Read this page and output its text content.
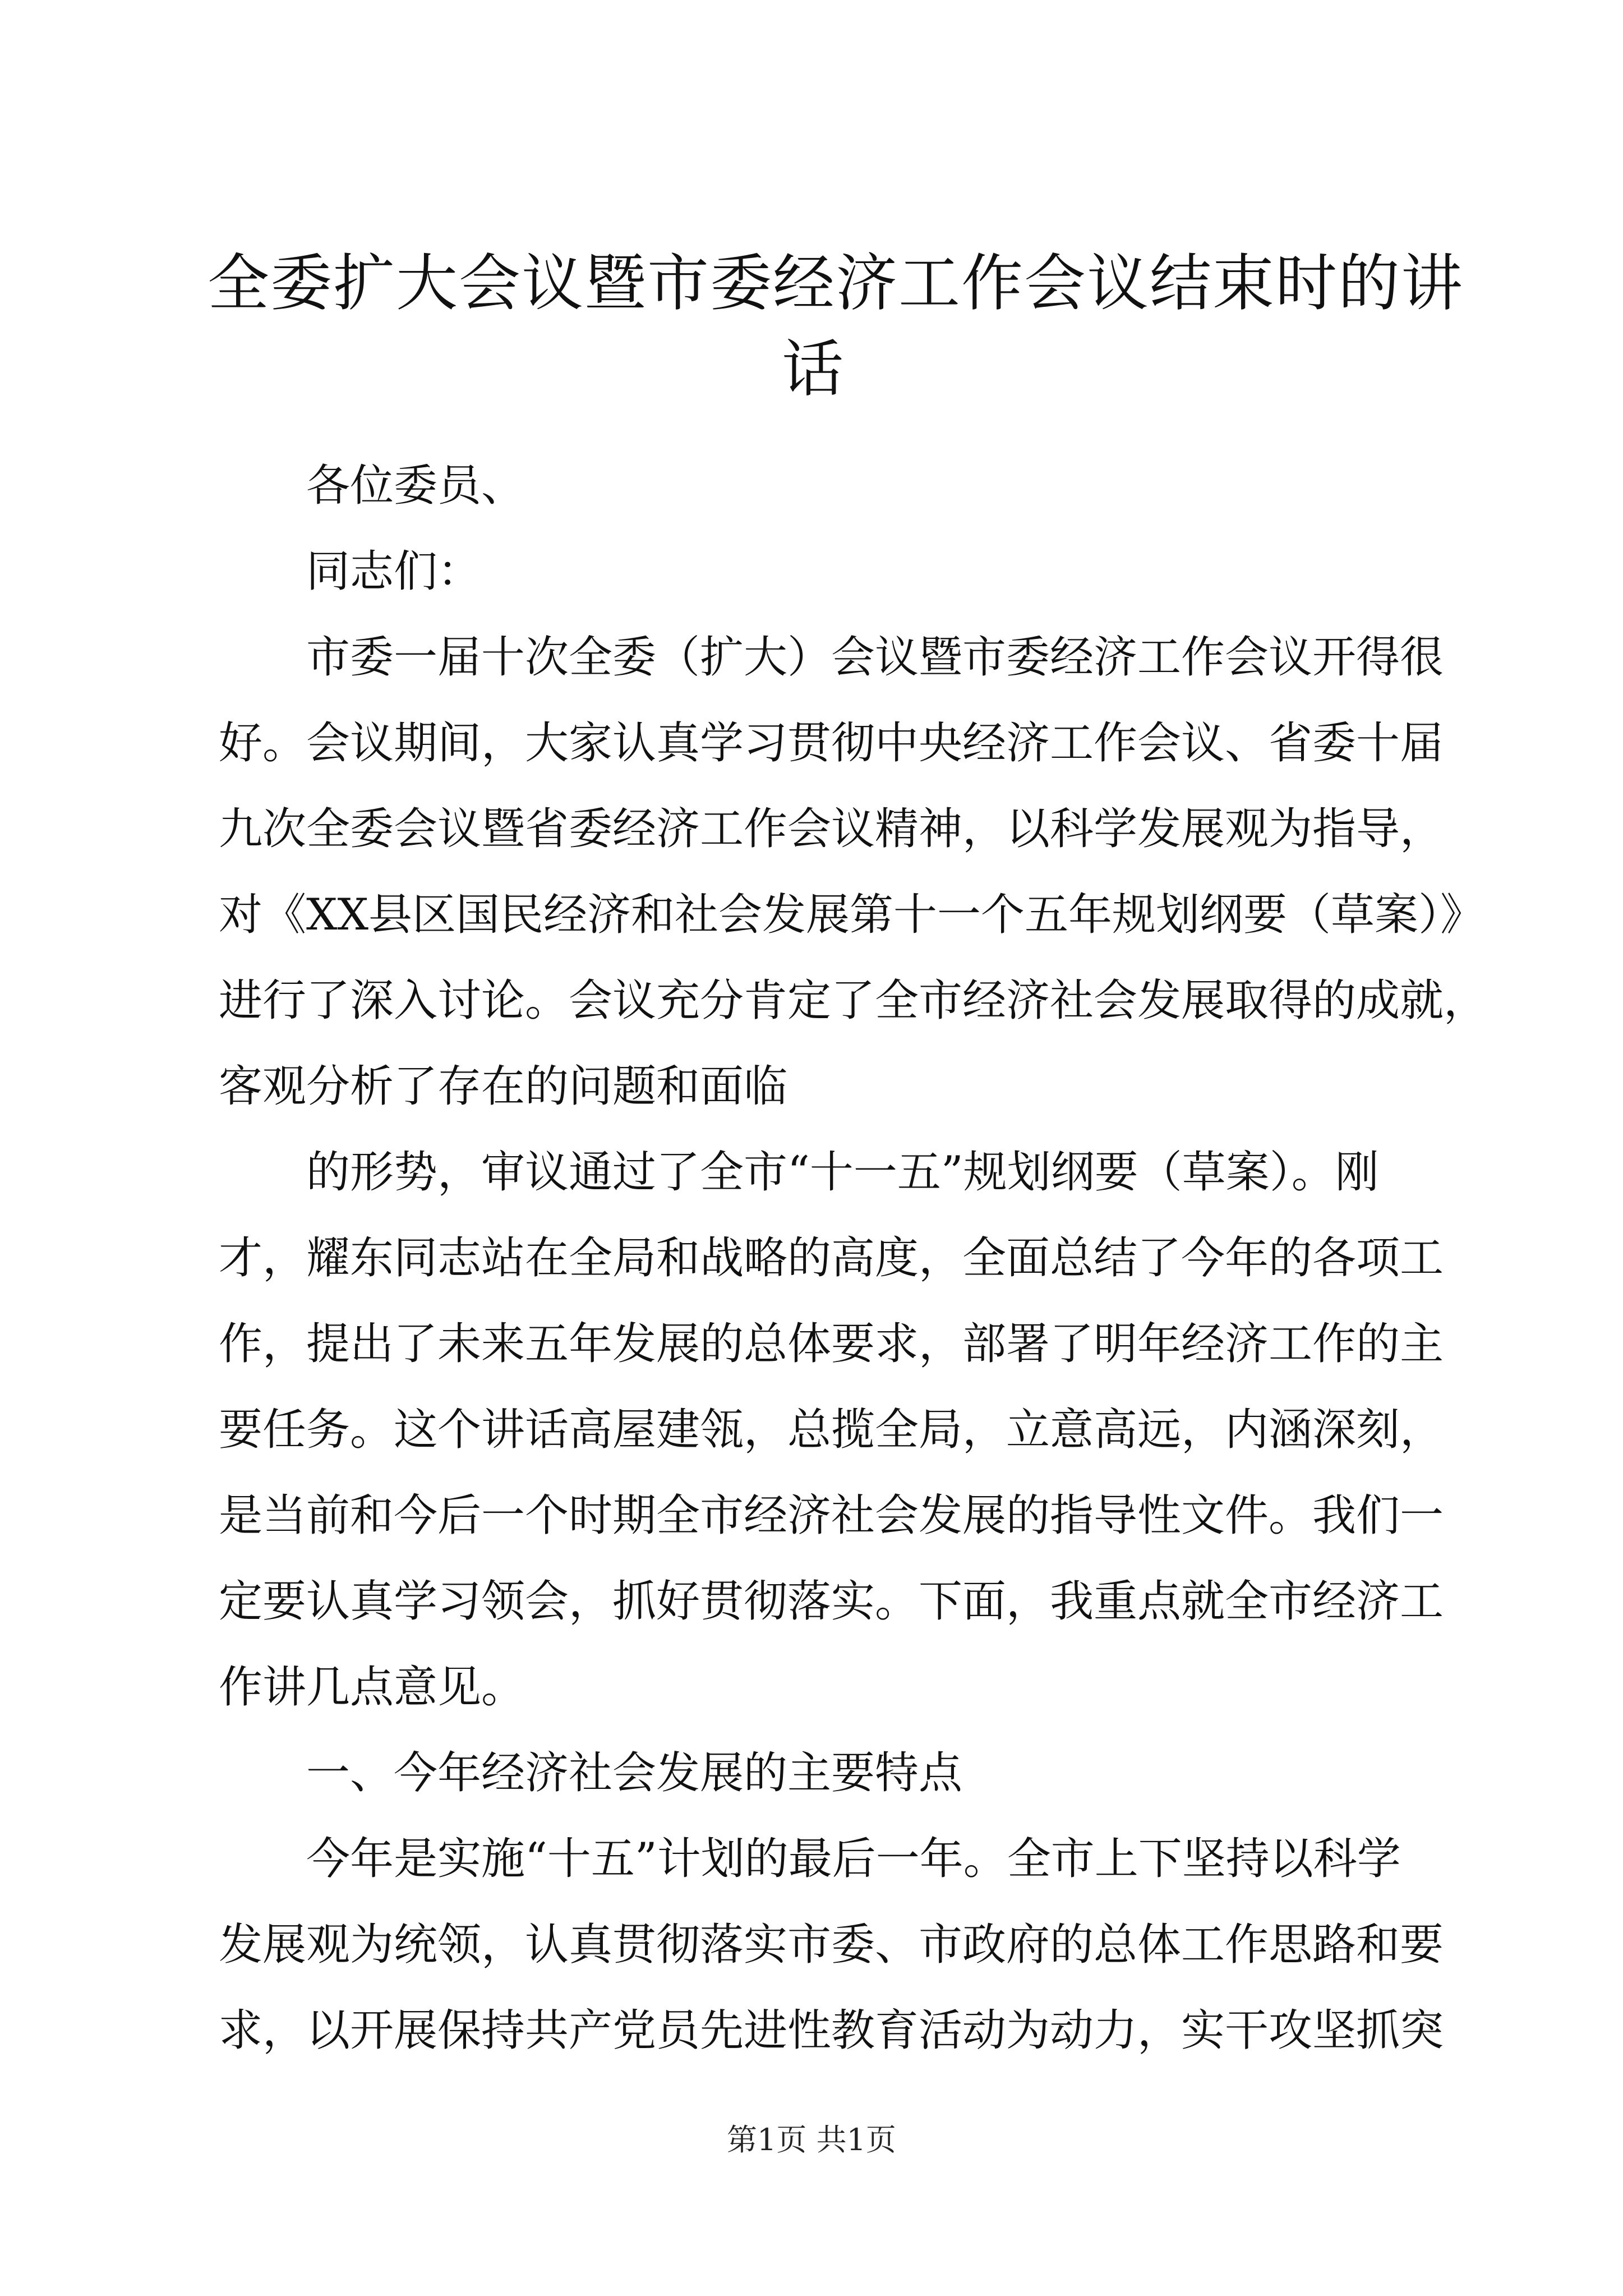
全委扩大会议暨市委经济工作会议结束时的讲
话
各位委员、
同志们：
市委一届十次全委（扩大）会议暨市委经济工作会议开得很
好。会议期间，大家认真学习贯彻中央经济工作会议、省委十届
九次全委会议暨省委经济工作会议精神，以科学发展观为指导，
对《XX县区国民经济和社会发展第十一个五年规划纲要（草案）》
进行了深入讨论。会议充分肯定了全市经济社会发展取得的成就，
客观分析了存在的问题和面临
的形势，审议通过了全市“十一五”规划纲要（草案）。刚
才，耀东同志站在全局和战略的高度，全面总结了今年的各项工
作，提出了未来五年发展的总体要求，部署了明年经济工作的主
要任务。这个讲话高屋建瓴，总揽全局，立意高远，内涵深刻，
是当前和今后一个时期全市经济社会发展的指导性文件。我们一
定要认真学习领会，抓好贯彻落实。下面，我重点就全市经济工
作讲几点意见。
一、今年经济社会发展的主要特点
今年是实施“十五”计划的最后一年。全市上下坚持以科学
发展观为统领，认真贯彻落实市委、市政府的总体工作思路和要
求，以开展保持共产党员先进性教育活动为动力，实干攻坚抓突
第1页 共1页
